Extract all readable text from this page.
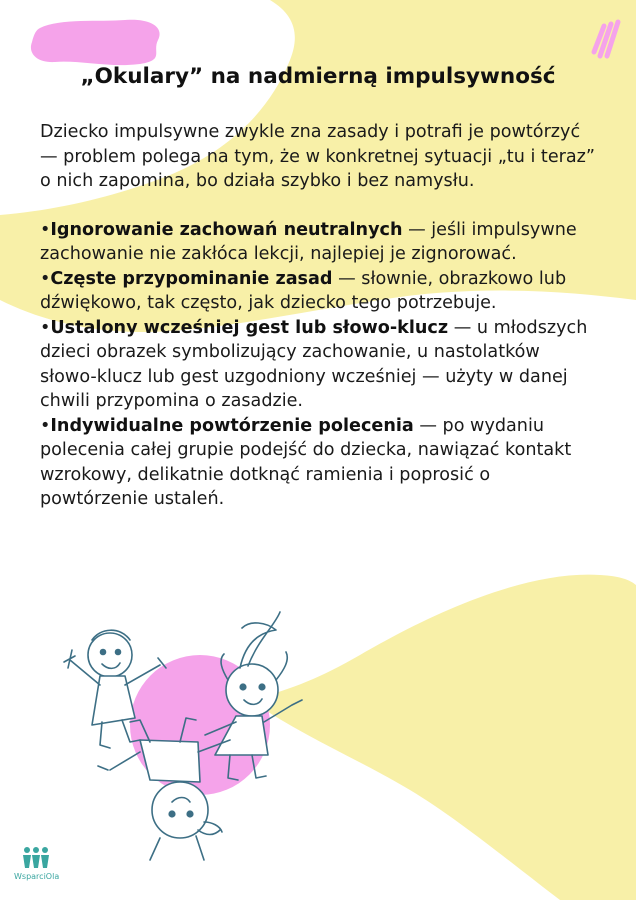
„Okulary” na nadmierną impulsywność

Dziecko impulsywne zwykle zna zasady i potrafi je powtórzyć — problem polega na tym, że w konkretnej sytuacji „tu i teraz” o nich zapomina, bo działa szybko i bez namysłu.

•Ignorowanie zachowań neutralnych — jeśli impulsywne zachowanie nie zakłóca lekcji, najlepiej je zignorować.

•Częste przypominanie zasad — słownie, obrazkowo lub dźwiękowo, tak często, jak dziecko tego potrzebuje.

•Ustalony wcześniej gest lub słowo-klucz — u młodszych dzieci obrazek symbolizujący zachowanie, u nastolatków słowo-klucz lub gest uzgodniony wcześniej — użyty w danej chwili przypomina o zasadzie.

•Indywidualne powtórzenie polecenia — po wydaniu polecenia całej grupie podejść do dziecka, nawiązać kontakt wzrokowy, delikatnie dotknąć ramienia i poprosić o powtórzenie ustaleń.

WsparciOla
